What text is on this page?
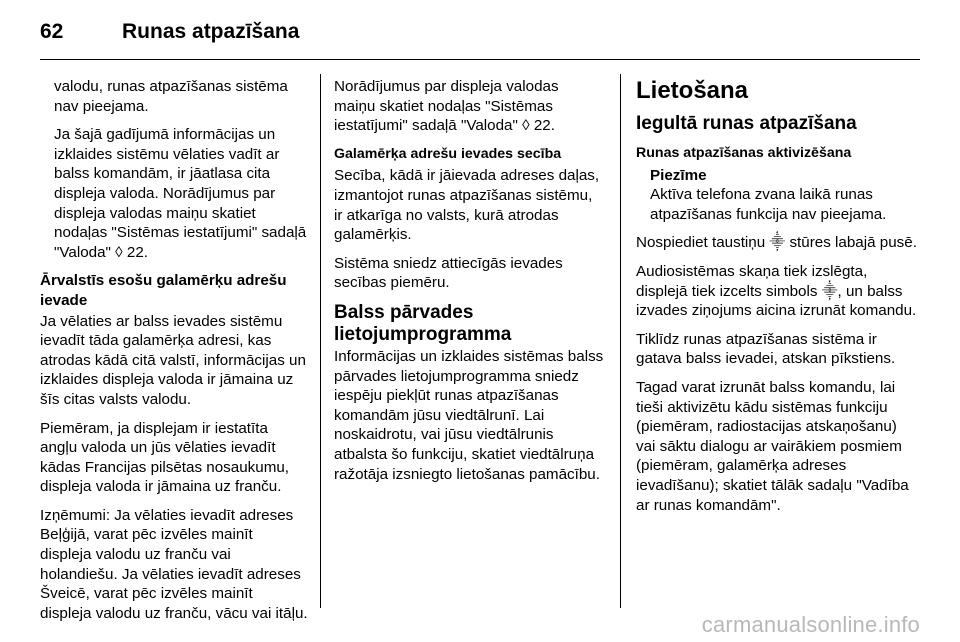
62	Runas atpazīšana

valodu, runas atpazīšanas sistēma nav pieejama.

Ja šajā gadījumā informācijas un izklaides sistēmu vēlaties vadīt ar balss komandām, ir jāatlasa cita displeja valoda. Norādījumus par displeja valodas maiņu skatiet nodaļas "Sistēmas iestatījumi" sadaļā "Valoda" ◊ 22.

Ārvalstīs esošu galamērķu adrešu ievade

Ja vēlaties ar balss ievades sistēmu ievadīt tāda galamērķa adresi, kas atrodas kādā citā valstī, informācijas un izklaides displeja valoda ir jāmaina uz šīs citas valsts valodu.

Piemēram, ja displejam ir iestatīta angļu valoda un jūs vēlaties ievadīt kādas Francijas pilsētas nosaukumu, displeja valoda ir jāmaina uz franču.

Izņēmumi: Ja vēlaties ievadīt adreses Beļģijā, varat pēc izvēles mainīt displeja valodu uz franču vai holandiešu. Ja vēlaties ievadīt adreses Šveicē, varat pēc izvēles mainīt displeja valodu uz franču, vācu vai itāļu.

Norādījumus par displeja valodas maiņu skatiet nodaļas "Sistēmas iestatījumi" sadaļā "Valoda" ◊ 22.

Galamērķa adrešu ievades secība

Secība, kādā ir jāievada adreses daļas, izmantojot runas atpazīšanas sistēmu, ir atkarīga no valsts, kurā atrodas galamērķis.

Sistēma sniedz attiecīgās ievades secības piemēru.

Balss pārvades lietojumprogramma

Informācijas un izklaides sistēmas balss pārvades lietojumprogramma sniedz iespēju piekļūt runas atpazīšanas komandām jūsu viedtālrunī. Lai noskaidrotu, vai jūsu viedtālrunis atbalsta šo funkciju, skatiet viedtālruņa ražotāja izsniegto lietošanas pamācību.

Lietošana
Iegultā runas atpazīšana
Runas atpazīšanas aktivizēšana
Piezīme
Aktīva telefona zvana laikā runas atpazīšanas funkcija nav pieejama.

Nospiediet taustiņu ⸎ stūres labajā pusē.

Audiosistēmas skaņa tiek izslēgta, displejā tiek izcelts simbols ⸎, un balss izvades ziņojums aicina izrunāt komandu.

Tiklīdz runas atpazīšanas sistēma ir gatava balss ievadei, atskan pīkstiens.

Tagad varat izrunāt balss komandu, lai tieši aktivizētu kādu sistēmas funkciju (piemēram, radiostacijas atskaņošanu) vai sāktu dialogu ar vairākiem posmiem (piemēram, galamērķa adreses ievadīšanu); skatiet tālāk sadaļu "Vadība ar runas komandām".

carmanualsonline.info
